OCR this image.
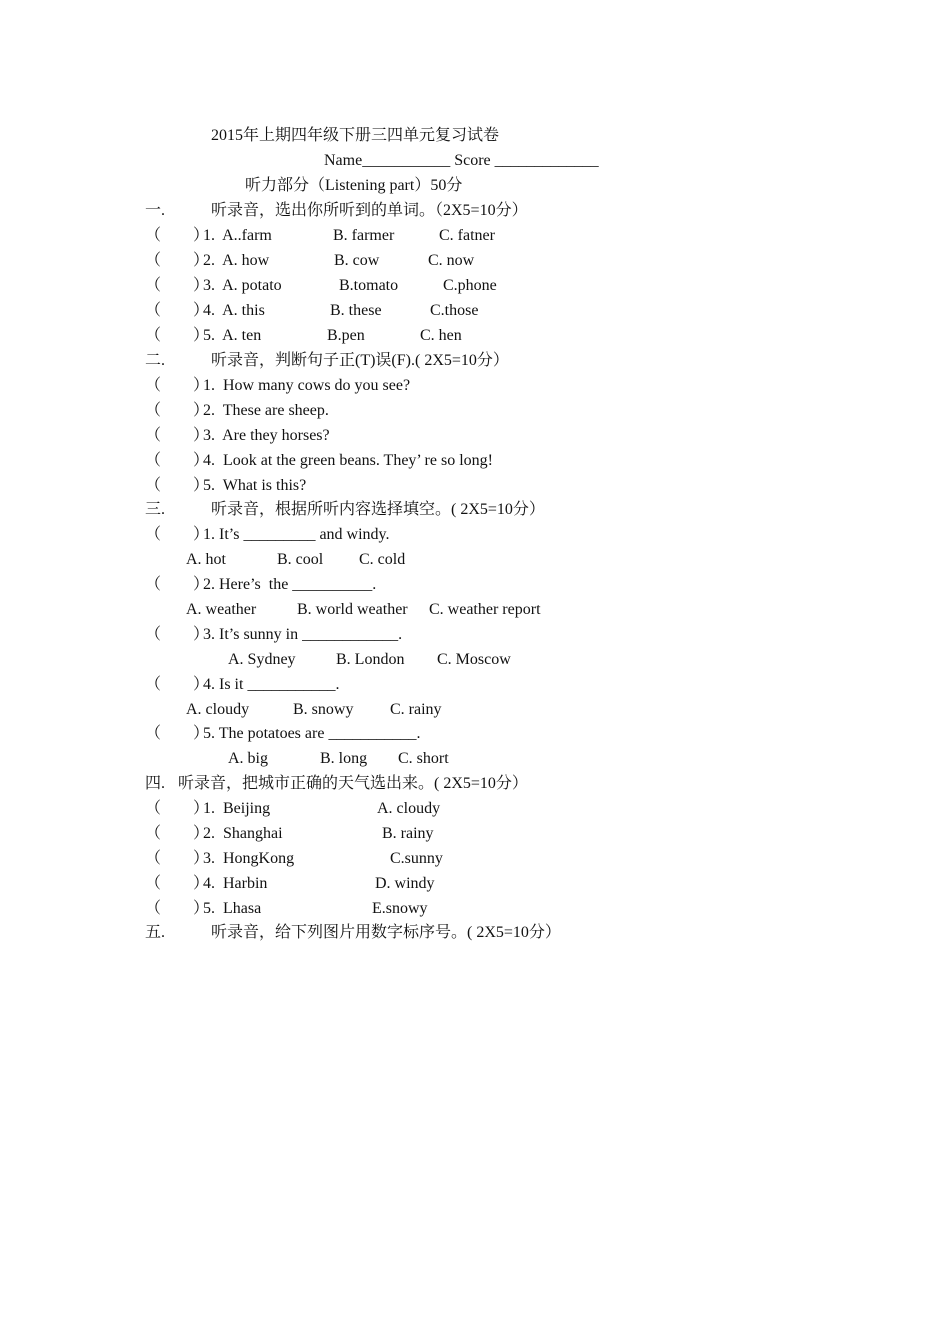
2015年上期四年级下册三四单元复习试卷
Name___________ Score _____________
听力部分（Listening part）50分
一.	听录音，选出你所听到的单词。（2X5=10分）
（　　）
1.  A..farm	B. farmer	C. fatner
（　　）
2.  A. how	B. cow	C. now
（　　）
3.  A. potato	B.tomato	C.phone
（　　）
4.  A. this	B. these	C.those
（　　）
5.  A. ten	B.pen	C. hen
二.	听录音，判断句子正(T)误(F).( 2X5=10分）
（　　）
1.  How many cows do you see?
（　　）
2.  These are sheep.
（　　）
3.  Are they horses?
（　　）
4.  Look at the green beans. They’ re so long!
（　　）
5.  What is this?
三.	听录音，根据所听内容选择填空。( 2X5=10分）
（　　）
1. It’s _________ and windy.
A. hot	B. cool C. cold
（　　）
2. Here’s  the __________.
A. weather	B. world weather C. weather report
（　　）
3. It’s sunny in ____________.
A. Sydney	B. London C. Moscow
（　　）
4. Is it ___________.
A. cloudy	B. snowy C. rainy
（　　）
5. The potatoes are ___________.
A. big	B. long C. short
四. 听录音，把城市正确的天气选出来。( 2X5=10分）
（　　）
1.  Beijing	A. cloudy
（　　）
2.  Shanghai	B. rainy
（　　）
3.  HongKong	C.sunny
（　　）
4.  Harbin	D. windy
（　　）
5.  Lhasa	E.snowy
五.	听录音，给下列图片用数字标序号。( 2X5=10分）
